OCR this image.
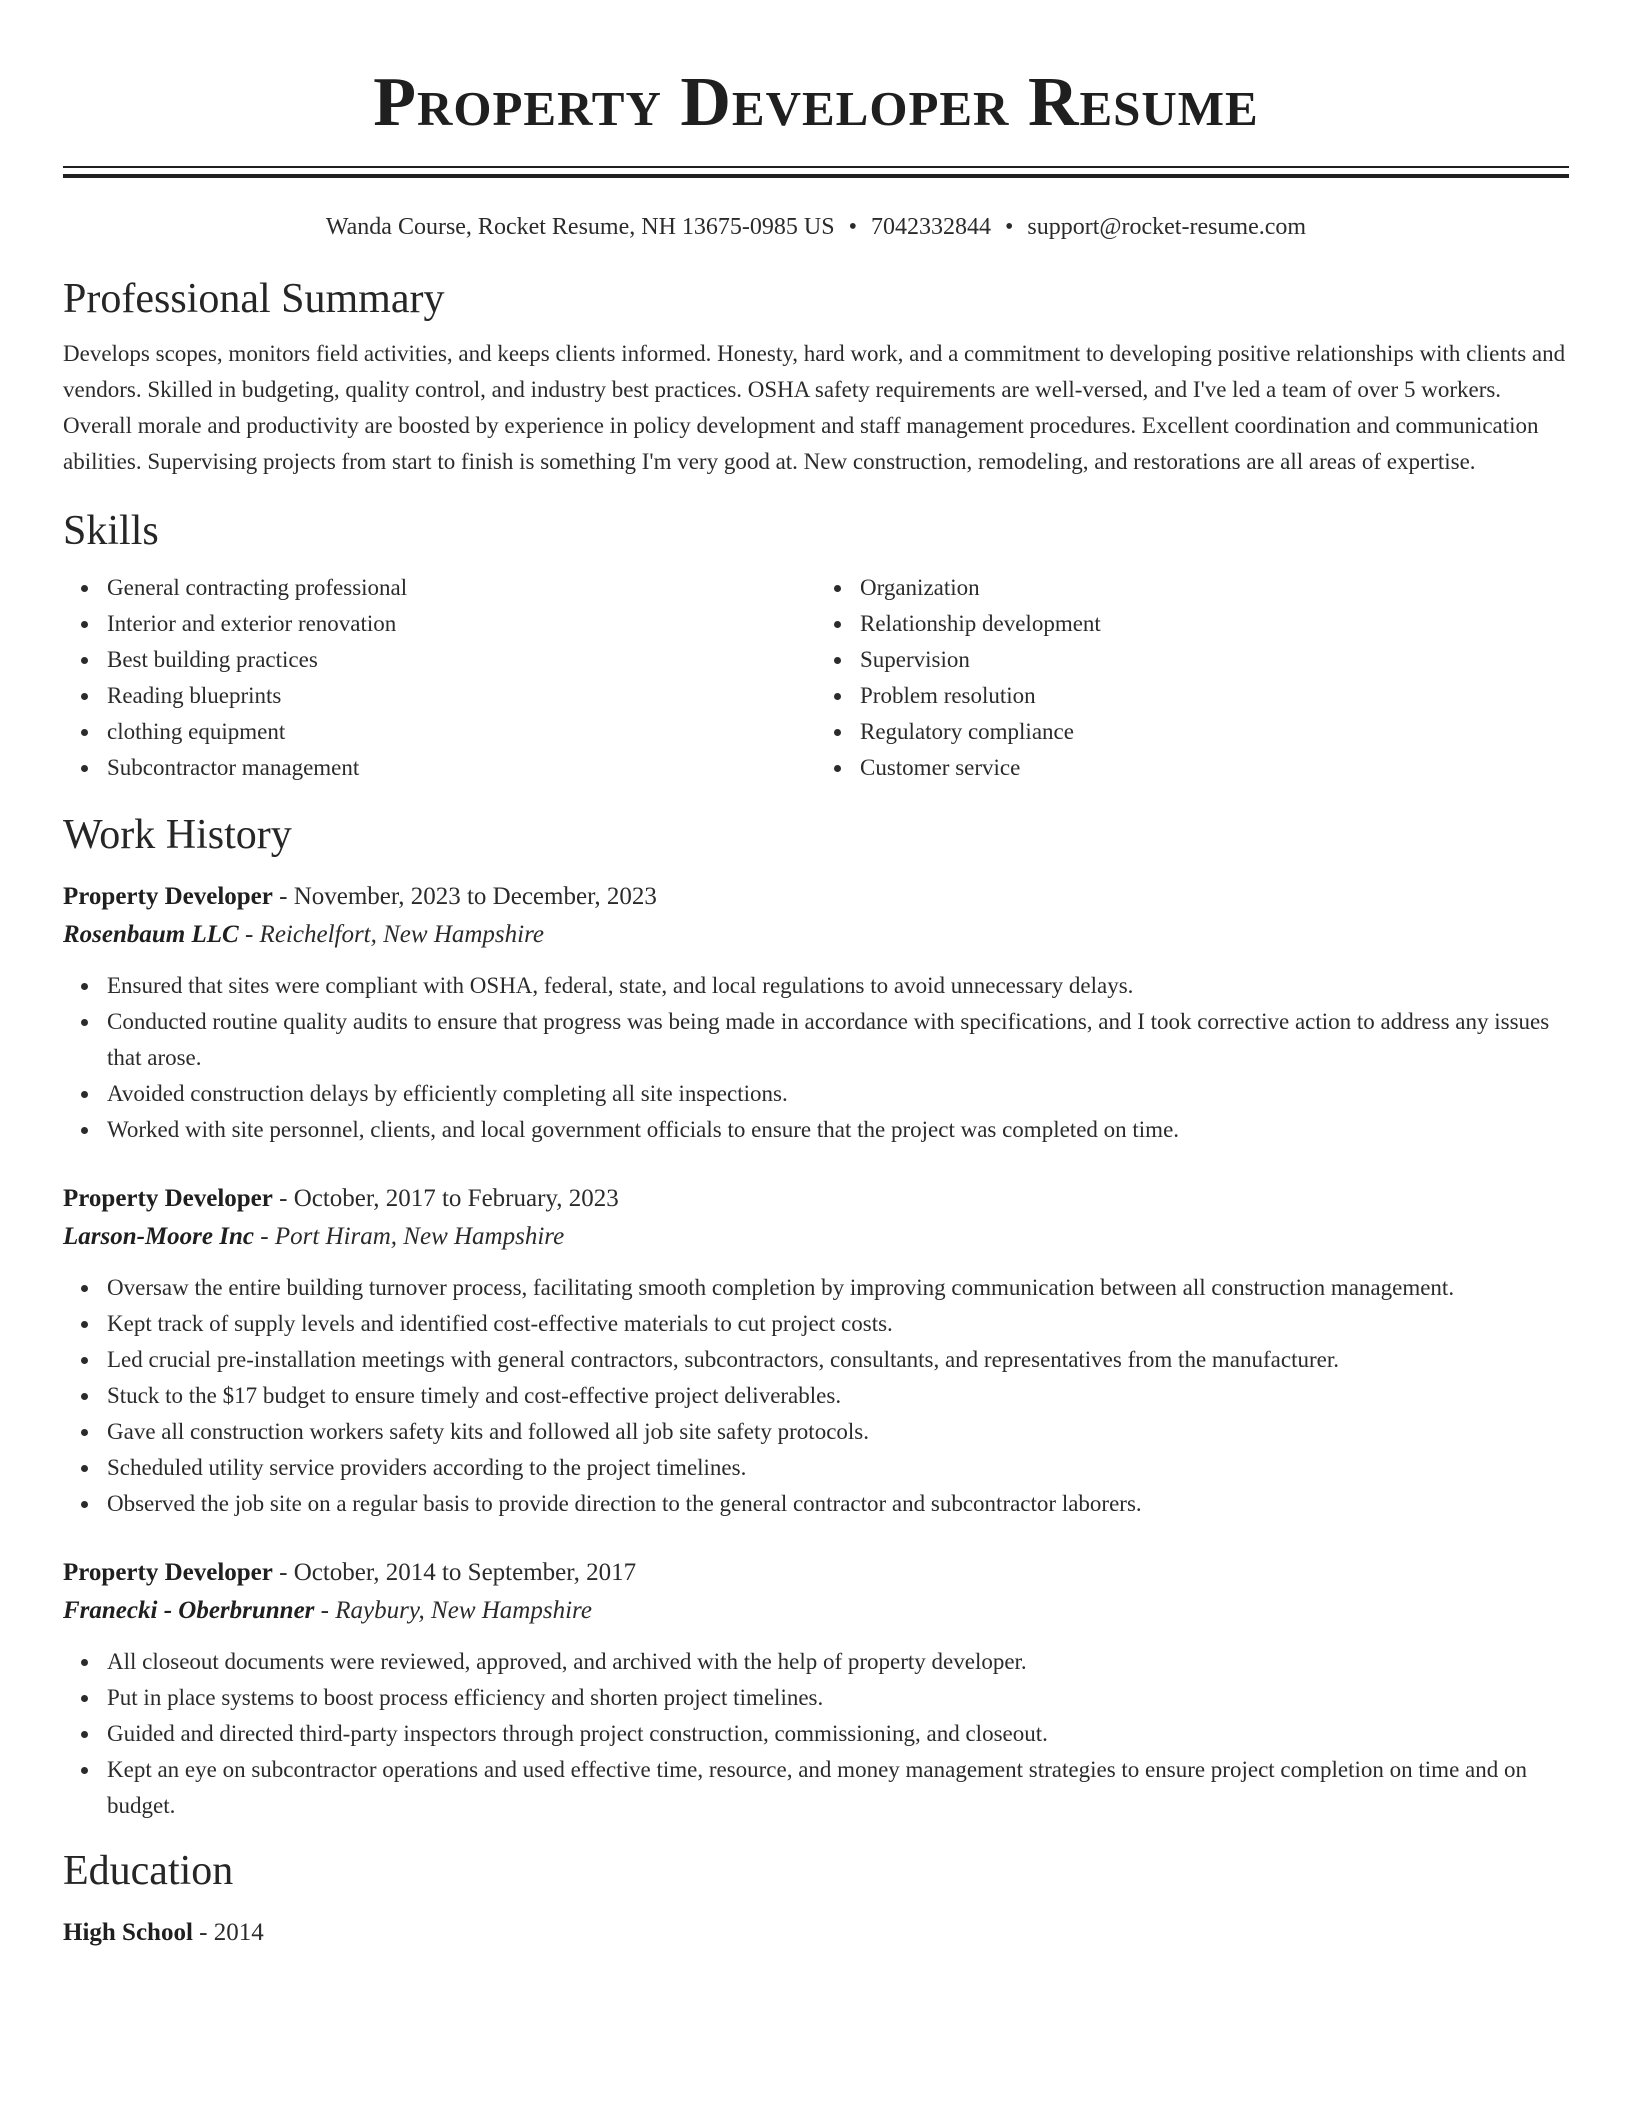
Property Developer Resume
Wanda Course, Rocket Resume, NH 13675-0985 US • 7042332844 • support@rocket-resume.com
Professional Summary

Develops scopes, monitors field activities, and keeps clients informed. Honesty, hard work, and a commitment to developing positive relationships with clients and vendors. Skilled in budgeting, quality control, and industry best practices. OSHA safety requirements are well-versed, and I've led a team of over 5 workers. Overall morale and productivity are boosted by experience in policy development and staff management procedures. Excellent coordination and communication abilities. Supervising projects from start to finish is something I'm very good at. New construction, remodeling, and restorations are all areas of expertise.

Skills
General contracting professional
Interior and exterior renovation
Best building practices
Reading blueprints
clothing equipment
Subcontractor management
Organization
Relationship development
Supervision
Problem resolution
Regulatory compliance
Customer service
Work History
Property Developer - November, 2023 to December, 2023
Rosenbaum LLC - Reichelfort, New Hampshire
Ensured that sites were compliant with OSHA, federal, state, and local regulations to avoid unnecessary delays.
Conducted routine quality audits to ensure that progress was being made in accordance with specifications, and I took corrective action to address any issues that arose.
Avoided construction delays by efficiently completing all site inspections.
Worked with site personnel, clients, and local government officials to ensure that the project was completed on time.
Property Developer - October, 2017 to February, 2023
Larson-Moore Inc - Port Hiram, New Hampshire
Oversaw the entire building turnover process, facilitating smooth completion by improving communication between all construction management.
Kept track of supply levels and identified cost-effective materials to cut project costs.
Led crucial pre-installation meetings with general contractors, subcontractors, consultants, and representatives from the manufacturer.
Stuck to the $17 budget to ensure timely and cost-effective project deliverables.
Gave all construction workers safety kits and followed all job site safety protocols.
Scheduled utility service providers according to the project timelines.
Observed the job site on a regular basis to provide direction to the general contractor and subcontractor laborers.
Property Developer - October, 2014 to September, 2017
Franecki - Oberbrunner - Raybury, New Hampshire
All closeout documents were reviewed, approved, and archived with the help of property developer.
Put in place systems to boost process efficiency and shorten project timelines.
Guided and directed third-party inspectors through project construction, commissioning, and closeout.
Kept an eye on subcontractor operations and used effective time, resource, and money management strategies to ensure project completion on time and on budget.
Education
High School - 2014
